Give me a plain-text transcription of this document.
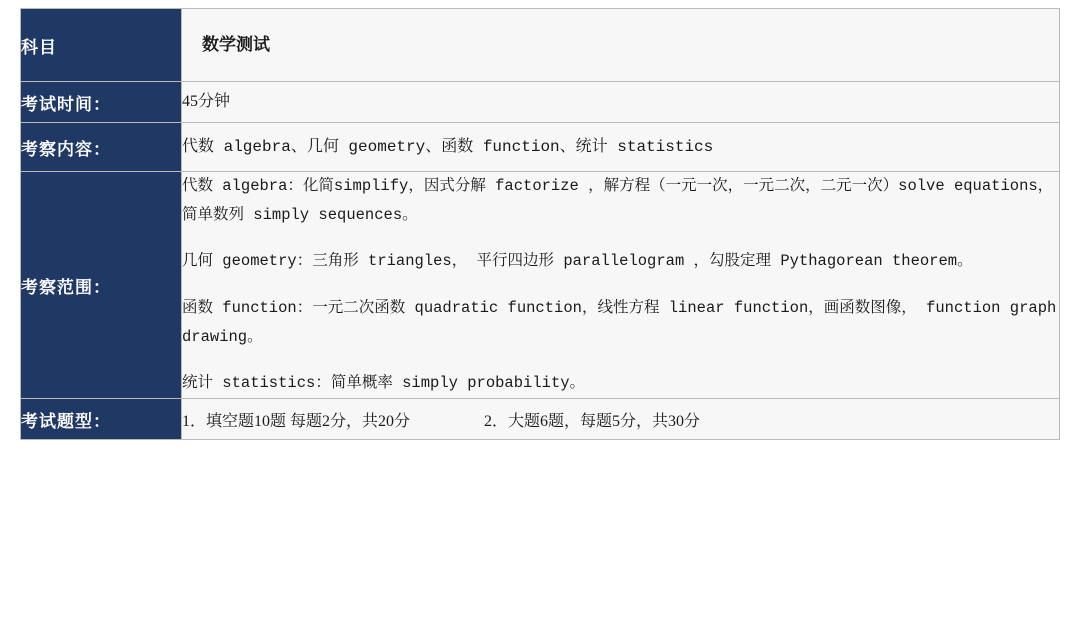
科目	数学测试
考试时间：	45分钟
考察内容：	代数 algebra、几何 geometry、函数 function、统计 statistics
考察范围：	代数 algebra：化简simplify，因式分解 factorize ，解方程（一元一次，一元二次，二元一次）solve equations，简单数列 simply sequences。

几何 geometry：三角形 triangles， 平行四边形 parallelogram ，勾股定理 Pythagorean theorem。

函数 function：一元二次函数 quadratic function，线性方程 linear function，画函数图像， function graph drawing。

统计 statistics：简单概率 simply probability。

考试题型：	1．填空题10题 每题2分，共20分 2．大题6题，每题5分，共30分
